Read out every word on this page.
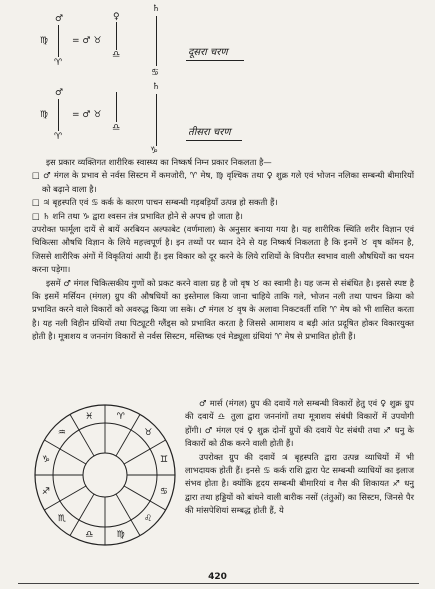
♂
♍
♈
= ♂ ♉
♀
♎
♄
♋
दूसरा चरण
♂
♍
♈
= ♂ ♉
♎
♄
♑
तीसरा चरण

इस प्रकार व्यक्तिगत शारीरिक स्वास्थ्य का निष्कर्ष निम्न प्रकार निकलता है—

□ ♂ मंगल के प्रभाव से नर्वस सिस्टम में कमजोरी, ♈ मेष, ♍ वृश्चिक तथा ♀ शुक्र गले एवं भोजन नलिका सम्बन्धी बीमारियों को बढ़ाने वाला है।

□ ♃ बृहस्पति एवं ♋ कर्क के कारण पाचन सम्बन्धी गड़बड़ियाँ उत्पन्न हो सकती हैं।

□ ♄ शनि तथा ♑ द्वारा श्वसन तंत्र प्रभावित होने से अपच हो जाता है।

उपरोक्त फार्मूला दायें से बायें अरबियन अल्फाबेट (वर्णमाला) के अनुसार बनाया गया है। यह शारीरिक स्थिति शरीर विज्ञान एवं चिकित्सा औषधि विज्ञान के लिये महत्त्वपूर्ण है। इन तथ्यों पर ध्यान देने से यह निष्कर्ष निकलता है कि इनमें ♉ वृष कॉमन है, जिससे शारीरिक अंगों में विकृतियां आयी हैं। इस विकार को दूर करने के लिये राशियों के विपरीत स्वभाव वाली औषधियों का चयन करना पड़ेगा।

इसमें ♂ मंगल चिकित्सकीय गुणों को प्रकट करने वाला ग्रह है जो वृष ♉ का स्वामी है। यह जन्म से संबंधित है। इससे स्पष्ट है कि इसमें मर्सियन (मंगल) ग्रुप की औषधियों का इस्तेमाल किया जाना चाहिये ताकि गले, भोजन नली तथा पाचन क्रिया को प्रभावित करने वाले विकारों को अवरुद्ध किया जा सके। ♂ मंगल ♉ वृष के अलावा निकटवर्ती राशि ♈ मेष को भी शासित करता है। यह नली विहीन ग्रंथियों तथा पिट्यूटरी ग्लैंड्स को प्रभावित करता है जिससे आमाशय व बड़ी आंत प्रदूषित होकर विकारयुक्त होती है। मूत्राशय व जननांग विकारों से नर्वस सिस्टम, मस्तिष्क एवं मेड्यूला ग्रंथियां ♈ मेष से प्रभावित होती हैं।

♈
♉
♊
♋
♌
♍
♎
♏
♐
♑
♒
♓

♂ मार्स (मंगल) ग्रुप की दवायें गले सम्बन्धी विकारों हेतु एवं ♀ शुक्र ग्रुप की दवायें ♎ तुला द्वारा जननांगों तथा मूत्राशय संबंधी विकारों में उपयोगी होंगी। ♂ मंगल एवं ♀ शुक्र दोनों ग्रुपों की दवायें पेट संबंधी तथा ♐ धनु के विकारों को ठीक करने वाली होती हैं।

उपरोक्त ग्रुप की दवायें ♃ बृहस्पति द्वारा उत्पन्न व्याधियों में भी लाभदायक होती हैं। इनसे ♋ कर्क राशि द्वारा पेट सम्बन्धी व्याधियों का इलाज संभव होता है। क्योंकि हृदय सम्बन्धी बीमारियां व गैस की शिकायत ♐ धनु द्वारा तथा हड्डियों को बांधने वाली बारीक नसों (तंतुओं) का सिस्टम, जिनसे पैर की मांसपेशियां सम्बद्ध होती हैं, ये

420
